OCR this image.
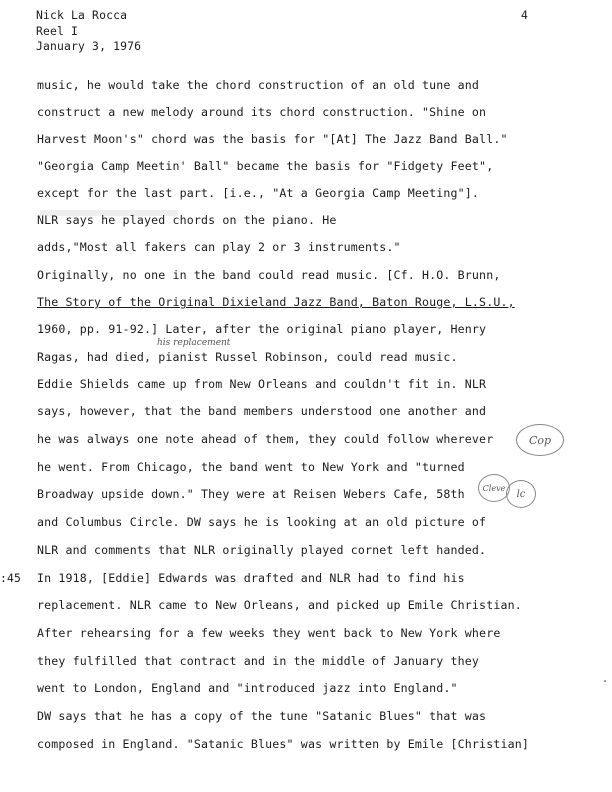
Nick La Rocca
Reel I
January 3, 1976
4
:45
music, he would take the chord construction of an old tune and
construct a new melody around its chord construction. "Shine on
Harvest Moon's" chord was the basis for "[At] The Jazz Band Ball."
"Georgia Camp Meetin' Ball" became the basis for "Fidgety Feet",
except for the last part. [i.e., "At a Georgia Camp Meeting"].
NLR says he played chords on the piano. He
adds,"Most all fakers can play 2 or 3 instruments."
Originally, no one in the band could read music. [Cf. H.O. Brunn,
The Story of the Original Dixieland Jazz Band, Baton Rouge, L.S.U.,
1960, pp. 91-92.] Later, after the original piano player, Henry
Ragas, had died, pianist Russel Robinson, could read music.
Eddie Shields came up from New Orleans and couldn't fit in. NLR
says, however, that the band members understood one another and
he was always one note ahead of them, they could follow wherever
he went. From Chicago, the band went to New York and "turned
Broadway upside down." They were at Reisen Webers Cafe, 58th
and Columbus Circle. DW says he is looking at an old picture of
NLR and comments that NLR originally played cornet left handed.
In 1918, [Eddie] Edwards was drafted and NLR had to find his
replacement. NLR came to New Orleans, and picked up Emile Christian.
After rehearsing for a few weeks they went back to New York where
they fulfilled that contract and in the middle of January they
went to London, England and "introduced jazz into England."
DW says that he has a copy of the tune "Satanic Blues" that was
composed in England. "Satanic Blues" was written by Emile [Christian]
his replacement
Cop
Cleve
lc
